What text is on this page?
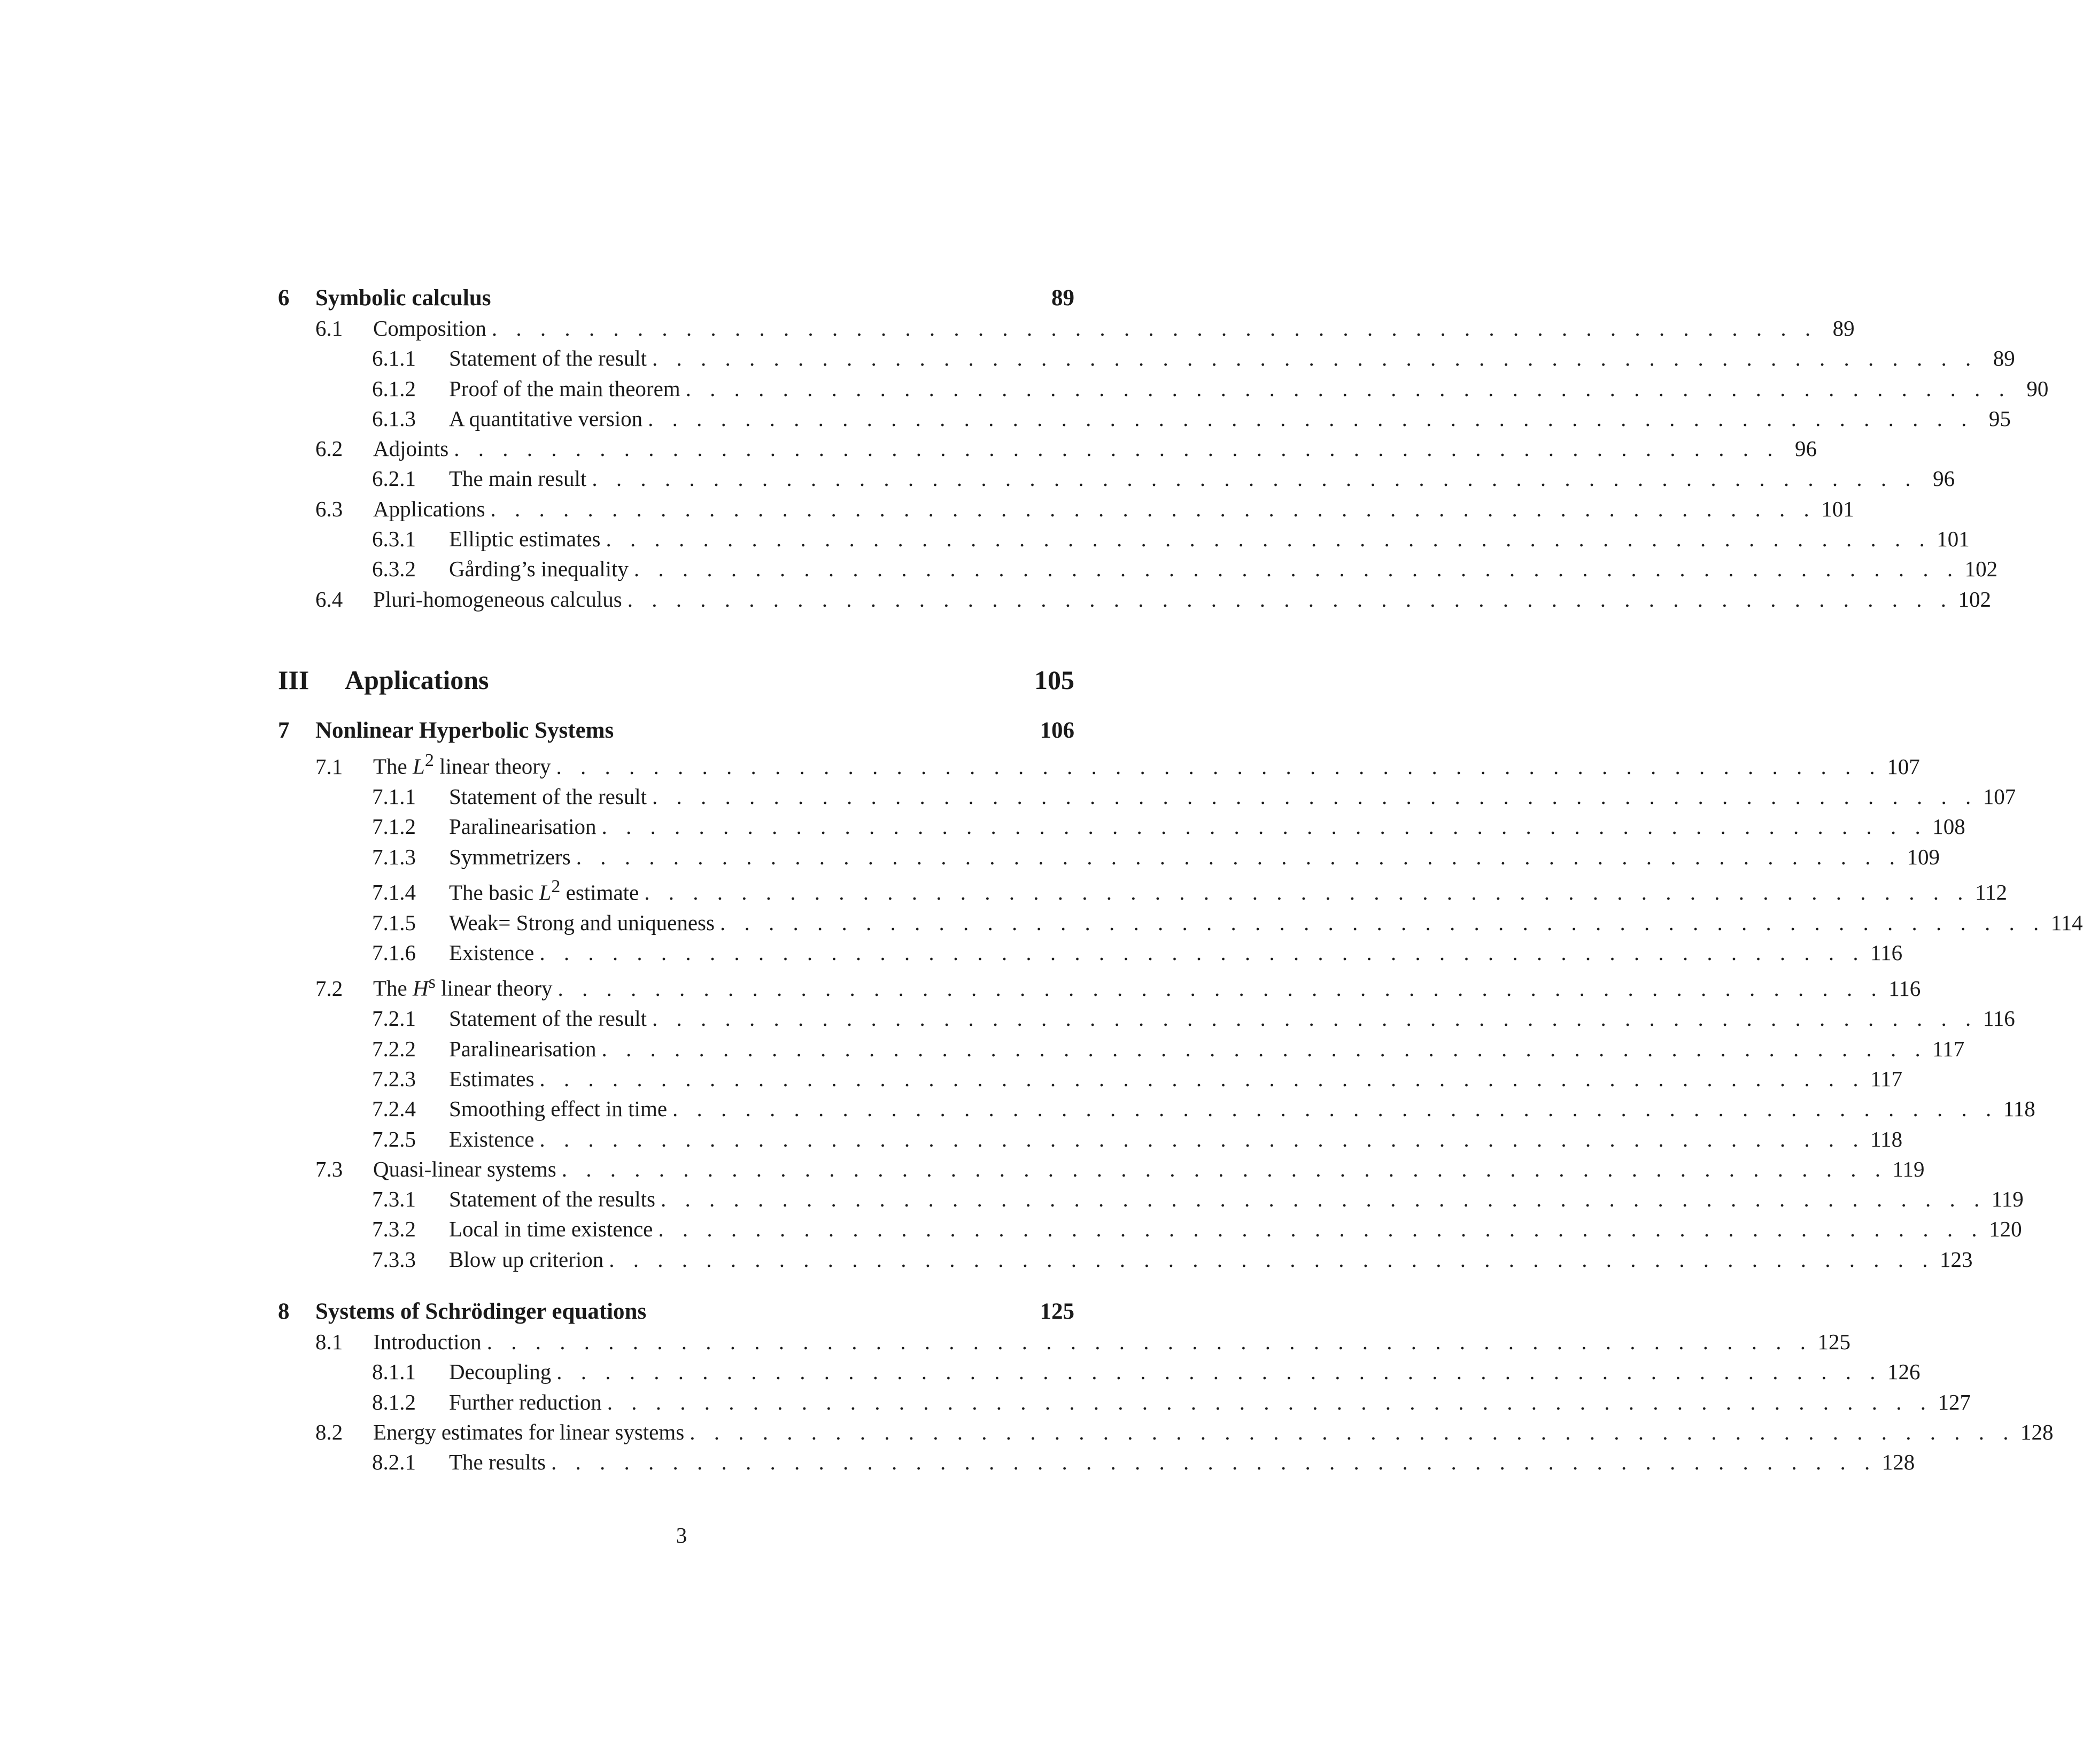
6	Symbolic calculus	89
6.1	Composition . . . . . . . . . . . . . . . . . . . . . . . . . . . . . . . . . . . . . . . . . . . . . . . . . . . . . . . 89
6.1.1	Statement of the result . . . . . . . . . . . . . . . . . . . . . . . . . . . . . . . . . . . . . . . . . . . . . . . . . . . . . . . 89
6.1.2	Proof of the main theorem . . . . . . . . . . . . . . . . . . . . . . . . . . . . . . . . . . . . . . . . . . . . . . . . . . . . . . . 90
6.1.3	A quantitative version . . . . . . . . . . . . . . . . . . . . . . . . . . . . . . . . . . . . . . . . . . . . . . . . . . . . . . . 95
6.2	Adjoints . . . . . . . . . . . . . . . . . . . . . . . . . . . . . . . . . . . . . . . . . . . . . . . . . . . . . . . 96
6.2.1	The main result . . . . . . . . . . . . . . . . . . . . . . . . . . . . . . . . . . . . . . . . . . . . . . . . . . . . . . . 96
6.3	Applications . . . . . . . . . . . . . . . . . . . . . . . . . . . . . . . . . . . . . . . . . . . . . . . . . . . . . . . 101
6.3.1	Elliptic estimates . . . . . . . . . . . . . . . . . . . . . . . . . . . . . . . . . . . . . . . . . . . . . . . . . . . . . . . 101
6.3.2	Gårding’s inequality . . . . . . . . . . . . . . . . . . . . . . . . . . . . . . . . . . . . . . . . . . . . . . . . . . . . . . . 102
6.4	Pluri-homogeneous calculus . . . . . . . . . . . . . . . . . . . . . . . . . . . . . . . . . . . . . . . . . . . . . . . . . . . . . . . 102
III	Applications	105
7	Nonlinear Hyperbolic Systems	106
7.1	The $L^2$ linear theory . . . . . . . . . . . . . . . . . . . . . . . . . . . . . . . . . . . . . . . . . . . . . . . . . . . . . . . 107
7.1.1	Statement of the result . . . . . . . . . . . . . . . . . . . . . . . . . . . . . . . . . . . . . . . . . . . . . . . . . . . . . . . 107
7.1.2	Paralinearisation . . . . . . . . . . . . . . . . . . . . . . . . . . . . . . . . . . . . . . . . . . . . . . . . . . . . . . . 108
7.1.3	Symmetrizers . . . . . . . . . . . . . . . . . . . . . . . . . . . . . . . . . . . . . . . . . . . . . . . . . . . . . . . 109
7.1.4	The basic $L^2$ estimate . . . . . . . . . . . . . . . . . . . . . . . . . . . . . . . . . . . . . . . . . . . . . . . . . . . . . . . 112
7.1.5	Weak= Strong and uniqueness . . . . . . . . . . . . . . . . . . . . . . . . . . . . . . . . . . . . . . . . . . . . . . . . . . . . . . . 114
7.1.6	Existence . . . . . . . . . . . . . . . . . . . . . . . . . . . . . . . . . . . . . . . . . . . . . . . . . . . . . . . 116
7.2	The $H^s$ linear theory . . . . . . . . . . . . . . . . . . . . . . . . . . . . . . . . . . . . . . . . . . . . . . . . . . . . . . . 116
7.2.1	Statement of the result . . . . . . . . . . . . . . . . . . . . . . . . . . . . . . . . . . . . . . . . . . . . . . . . . . . . . . . 116
7.2.2	Paralinearisation . . . . . . . . . . . . . . . . . . . . . . . . . . . . . . . . . . . . . . . . . . . . . . . . . . . . . . . 117
7.2.3	Estimates . . . . . . . . . . . . . . . . . . . . . . . . . . . . . . . . . . . . . . . . . . . . . . . . . . . . . . . 117
7.2.4	Smoothing effect in time . . . . . . . . . . . . . . . . . . . . . . . . . . . . . . . . . . . . . . . . . . . . . . . . . . . . . . . 118
7.2.5	Existence . . . . . . . . . . . . . . . . . . . . . . . . . . . . . . . . . . . . . . . . . . . . . . . . . . . . . . . 118
7.3	Quasi-linear systems . . . . . . . . . . . . . . . . . . . . . . . . . . . . . . . . . . . . . . . . . . . . . . . . . . . . . . . 119
7.3.1	Statement of the results . . . . . . . . . . . . . . . . . . . . . . . . . . . . . . . . . . . . . . . . . . . . . . . . . . . . . . . 119
7.3.2	Local in time existence . . . . . . . . . . . . . . . . . . . . . . . . . . . . . . . . . . . . . . . . . . . . . . . . . . . . . . . 120
7.3.3	Blow up criterion . . . . . . . . . . . . . . . . . . . . . . . . . . . . . . . . . . . . . . . . . . . . . . . . . . . . . . . 123
8	Systems of Schrödinger equations	125
8.1	Introduction . . . . . . . . . . . . . . . . . . . . . . . . . . . . . . . . . . . . . . . . . . . . . . . . . . . . . . . 125
8.1.1	Decoupling . . . . . . . . . . . . . . . . . . . . . . . . . . . . . . . . . . . . . . . . . . . . . . . . . . . . . . . 126
8.1.2	Further reduction . . . . . . . . . . . . . . . . . . . . . . . . . . . . . . . . . . . . . . . . . . . . . . . . . . . . . . . 127
8.2	Energy estimates for linear systems . . . . . . . . . . . . . . . . . . . . . . . . . . . . . . . . . . . . . . . . . . . . . . . . . . . . . . . 128
8.2.1	The results . . . . . . . . . . . . . . . . . . . . . . . . . . . . . . . . . . . . . . . . . . . . . . . . . . . . . . . 128
3
